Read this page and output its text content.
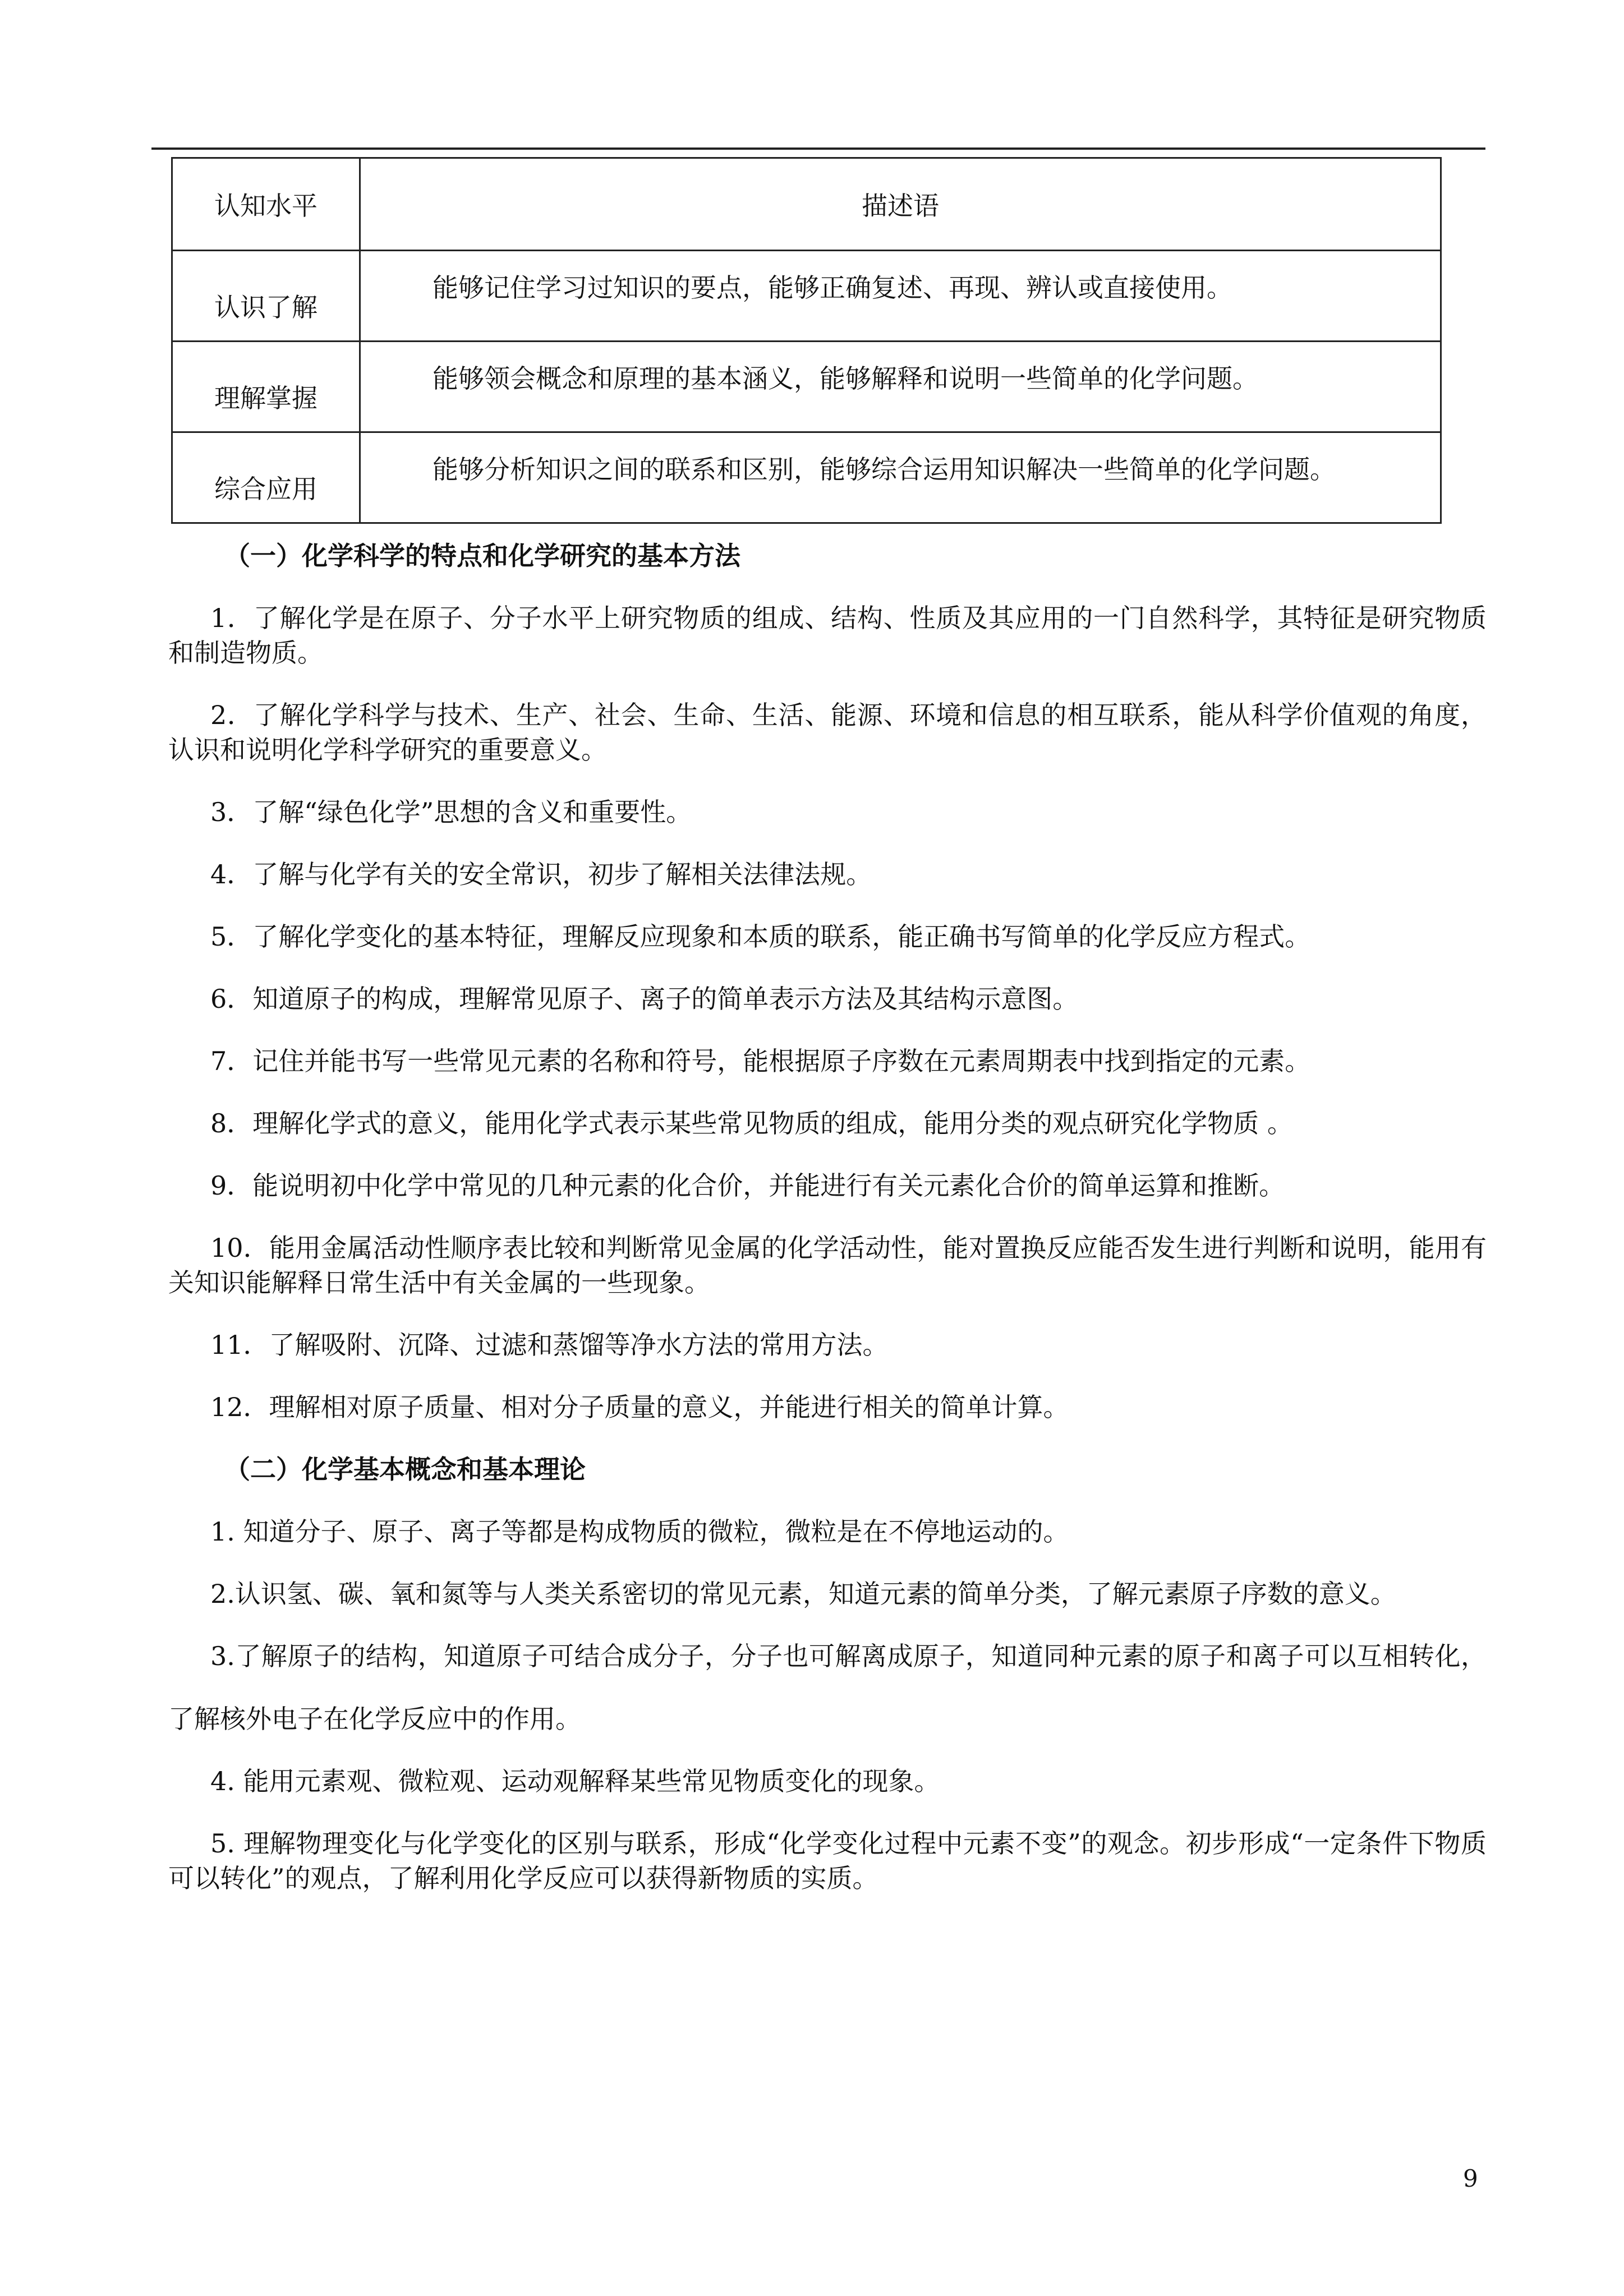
认知水平	描述语
认识了解	能够记住学习过知识的要点，能够正确复述、再现、辨认或直接使用。
理解掌握	能够领会概念和原理的基本涵义，能够解释和说明一些简单的化学问题。
综合应用	能够分析知识之间的联系和区别，能够综合运用知识解决一些简单的化学问题。
（一）化学科学的特点和化学研究的基本方法

1．了解化学是在原子、分子水平上研究物质的组成、结构、性质及其应用的一门自然科学，其特征是研究物质和制造物质。

2．了解化学科学与技术、生产、社会、生命、生活、能源、环境和信息的相互联系，能从科学价值观的角度，认识和说明化学科学研究的重要意义。

3．了解“绿色化学”思想的含义和重要性。

4．了解与化学有关的安全常识，初步了解相关法律法规。

5．了解化学变化的基本特征，理解反应现象和本质的联系，能正确书写简单的化学反应方程式。

6．知道原子的构成，理解常见原子、离子的简单表示方法及其结构示意图。

7．记住并能书写一些常见元素的名称和符号，能根据原子序数在元素周期表中找到指定的元素。

8．理解化学式的意义，能用化学式表示某些常见物质的组成，能用分类的观点研究化学物质 。

9．能说明初中化学中常见的几种元素的化合价，并能进行有关元素化合价的简单运算和推断。

10．能用金属活动性顺序表比较和判断常见金属的化学活动性，能对置换反应能否发生进行判断和说明，能用有关知识能解释日常生活中有关金属的一些现象。

11．了解吸附、沉降、过滤和蒸馏等净水方法的常用方法。

12．理解相对原子质量、相对分子质量的意义，并能进行相关的简单计算。

（二）化学基本概念和基本理论

1. 知道分子、原子、离子等都是构成物质的微粒，微粒是在不停地运动的。

2.认识氢、碳、氧和氮等与人类关系密切的常见元素，知道元素的简单分类，了解元素原子序数的意义。

3.了解原子的结构，知道原子可结合成分子，分子也可解离成原子，知道同种元素的原子和离子可以互相转化，了解核外电子在化学反应中的作用。

4. 能用元素观、微粒观、运动观解释某些常见物质变化的现象。

5. 理解物理变化与化学变化的区别与联系，形成“化学变化过程中元素不变”的观念。初步形成“一定条件下物质可以转化”的观点，了解利用化学反应可以获得新物质的实质。

9
